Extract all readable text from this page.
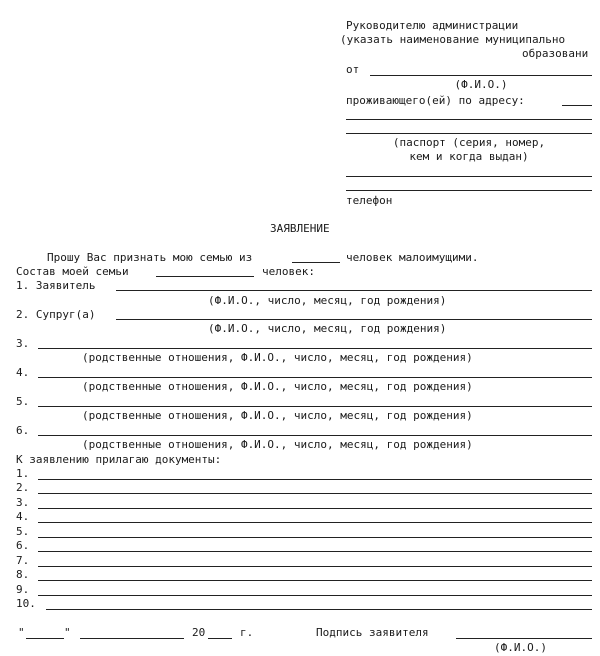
Руководителю администрации
(указать наименование муниципально
образовани
от
(Ф.И.О.)
проживающего(ей) по адресу:
(паспорт (серия, номер,
кем и когда выдан)
телефон
ЗАЯВЛЕНИЕ
Прошу Вас признать мою семью из	человек малоимущими.
Состав моей семьи	человек:
1. Заявитель
(Ф.И.О., число, месяц, год рождения)
2. Супруг(а)
(Ф.И.О., число, месяц, год рождения)
3.
(родственные отношения, Ф.И.О., число, месяц, год рождения)
4.
(родственные отношения, Ф.И.О., число, месяц, год рождения)
5.
(родственные отношения, Ф.И.О., число, месяц, год рождения)
6.
(родственные отношения, Ф.И.О., число, месяц, год рождения)
К заявлению прилагаю документы:
1.
2.
3.
4.
5.
6.
7.
8.
9.
10.
"	"	20	г.	Подпись заявителя
(Ф.И.О.)
